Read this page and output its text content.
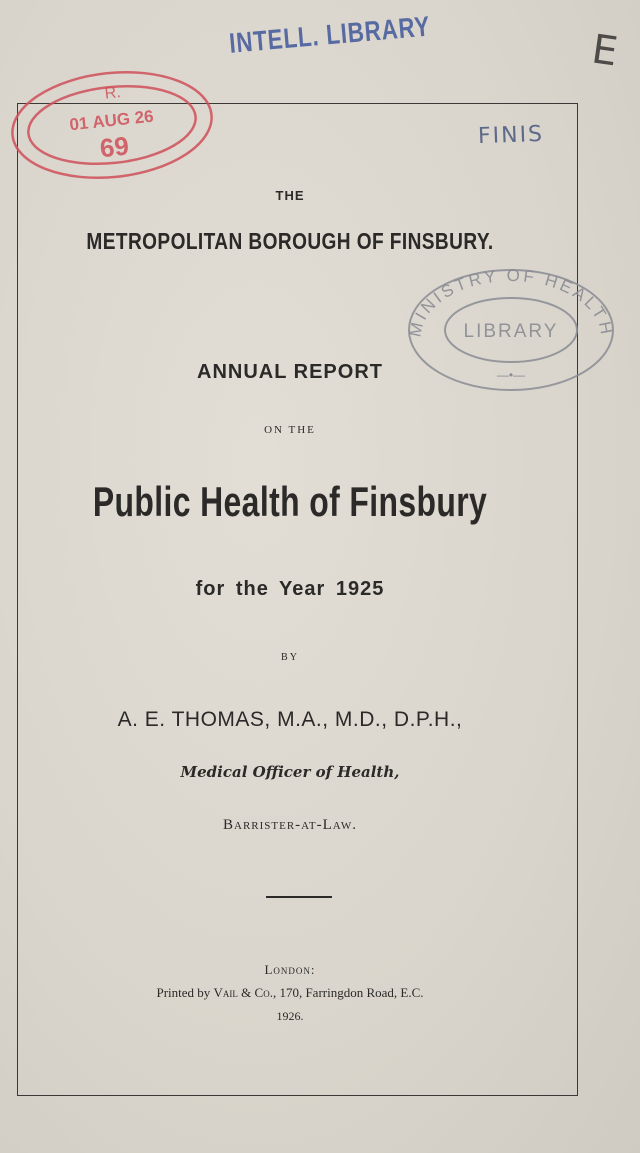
INTELL. LIBRARY	E
FINIS
R.
01 AUG 26
69
MINISTRY OF HEALTH
LIBRARY
—•—
THE
METROPOLITAN BOROUGH OF FINSBURY.
ANNUAL REPORT
ON THE
Public Health of Finsbury
for the Year 1925
BY
A. E. THOMAS, M.A., M.D., D.P.H.,
Medical Officer of Health,
Barrister-at-Law.
London:
Printed by Vail & Co., 170, Farringdon Road, E.C.
1926.
